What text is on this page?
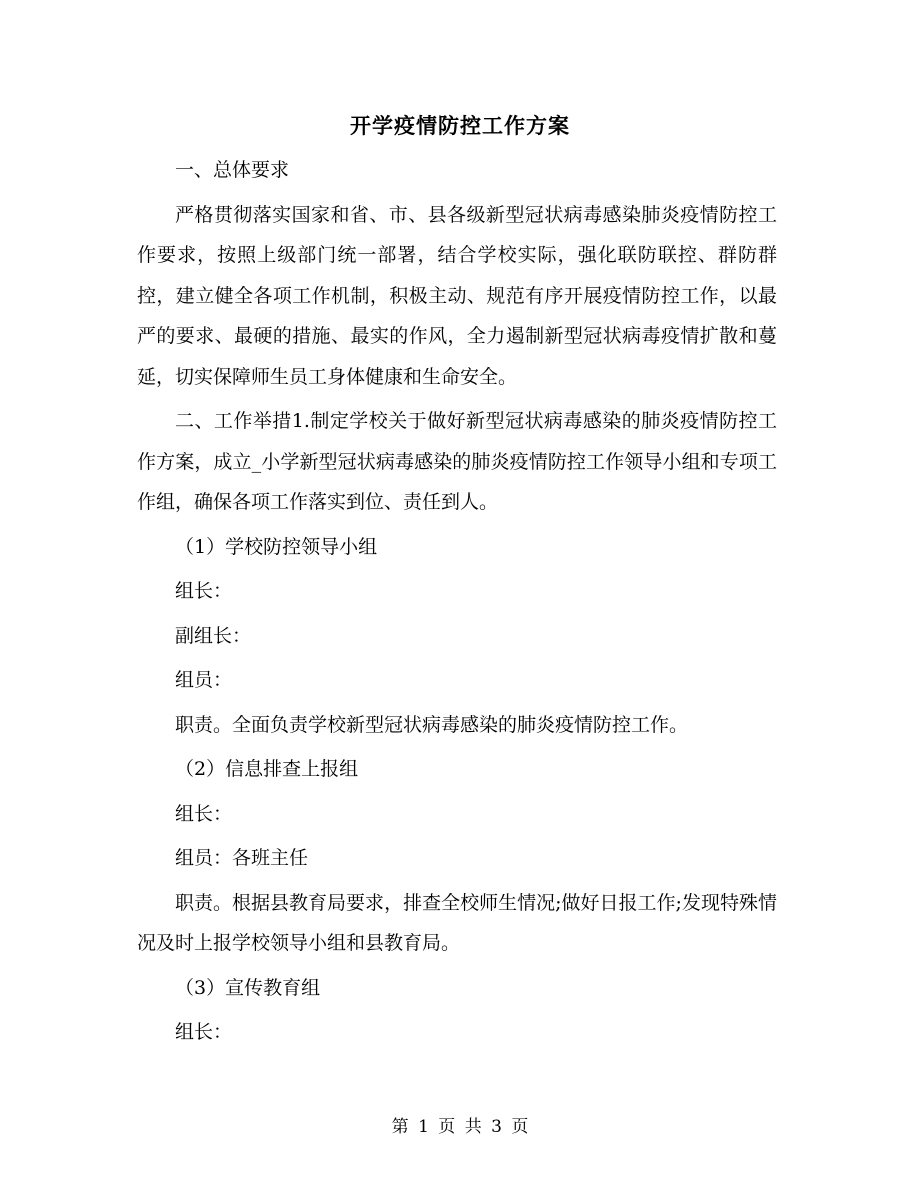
开学疫情防控工作方案

一、总体要求

严格贯彻落实国家和省、市、县各级新型冠状病毒感染肺炎疫情防控工作要求，按照上级部门统一部署，结合学校实际，强化联防联控、群防群控，建立健全各项工作机制，积极主动、规范有序开展疫情防控工作，以最严的要求、最硬的措施、最实的作风，全力遏制新型冠状病毒疫情扩散和蔓延，切实保障师生员工身体健康和生命安全。

二、工作举措1.制定学校关于做好新型冠状病毒感染的肺炎疫情防控工作方案，成立_小学新型冠状病毒感染的肺炎疫情防控工作领导小组和专项工作组，确保各项工作落实到位、责任到人。

（1）学校防控领导小组

组长：

副组长：

组员：

职责。全面负责学校新型冠状病毒感染的肺炎疫情防控工作。

（2）信息排查上报组

组长：

组员：各班主任

职责。根据县教育局要求，排查全校师生情况;做好日报工作;发现特殊情况及时上报学校领导小组和县教育局。

（3）宣传教育组

组长：

第 1 页 共 3 页
